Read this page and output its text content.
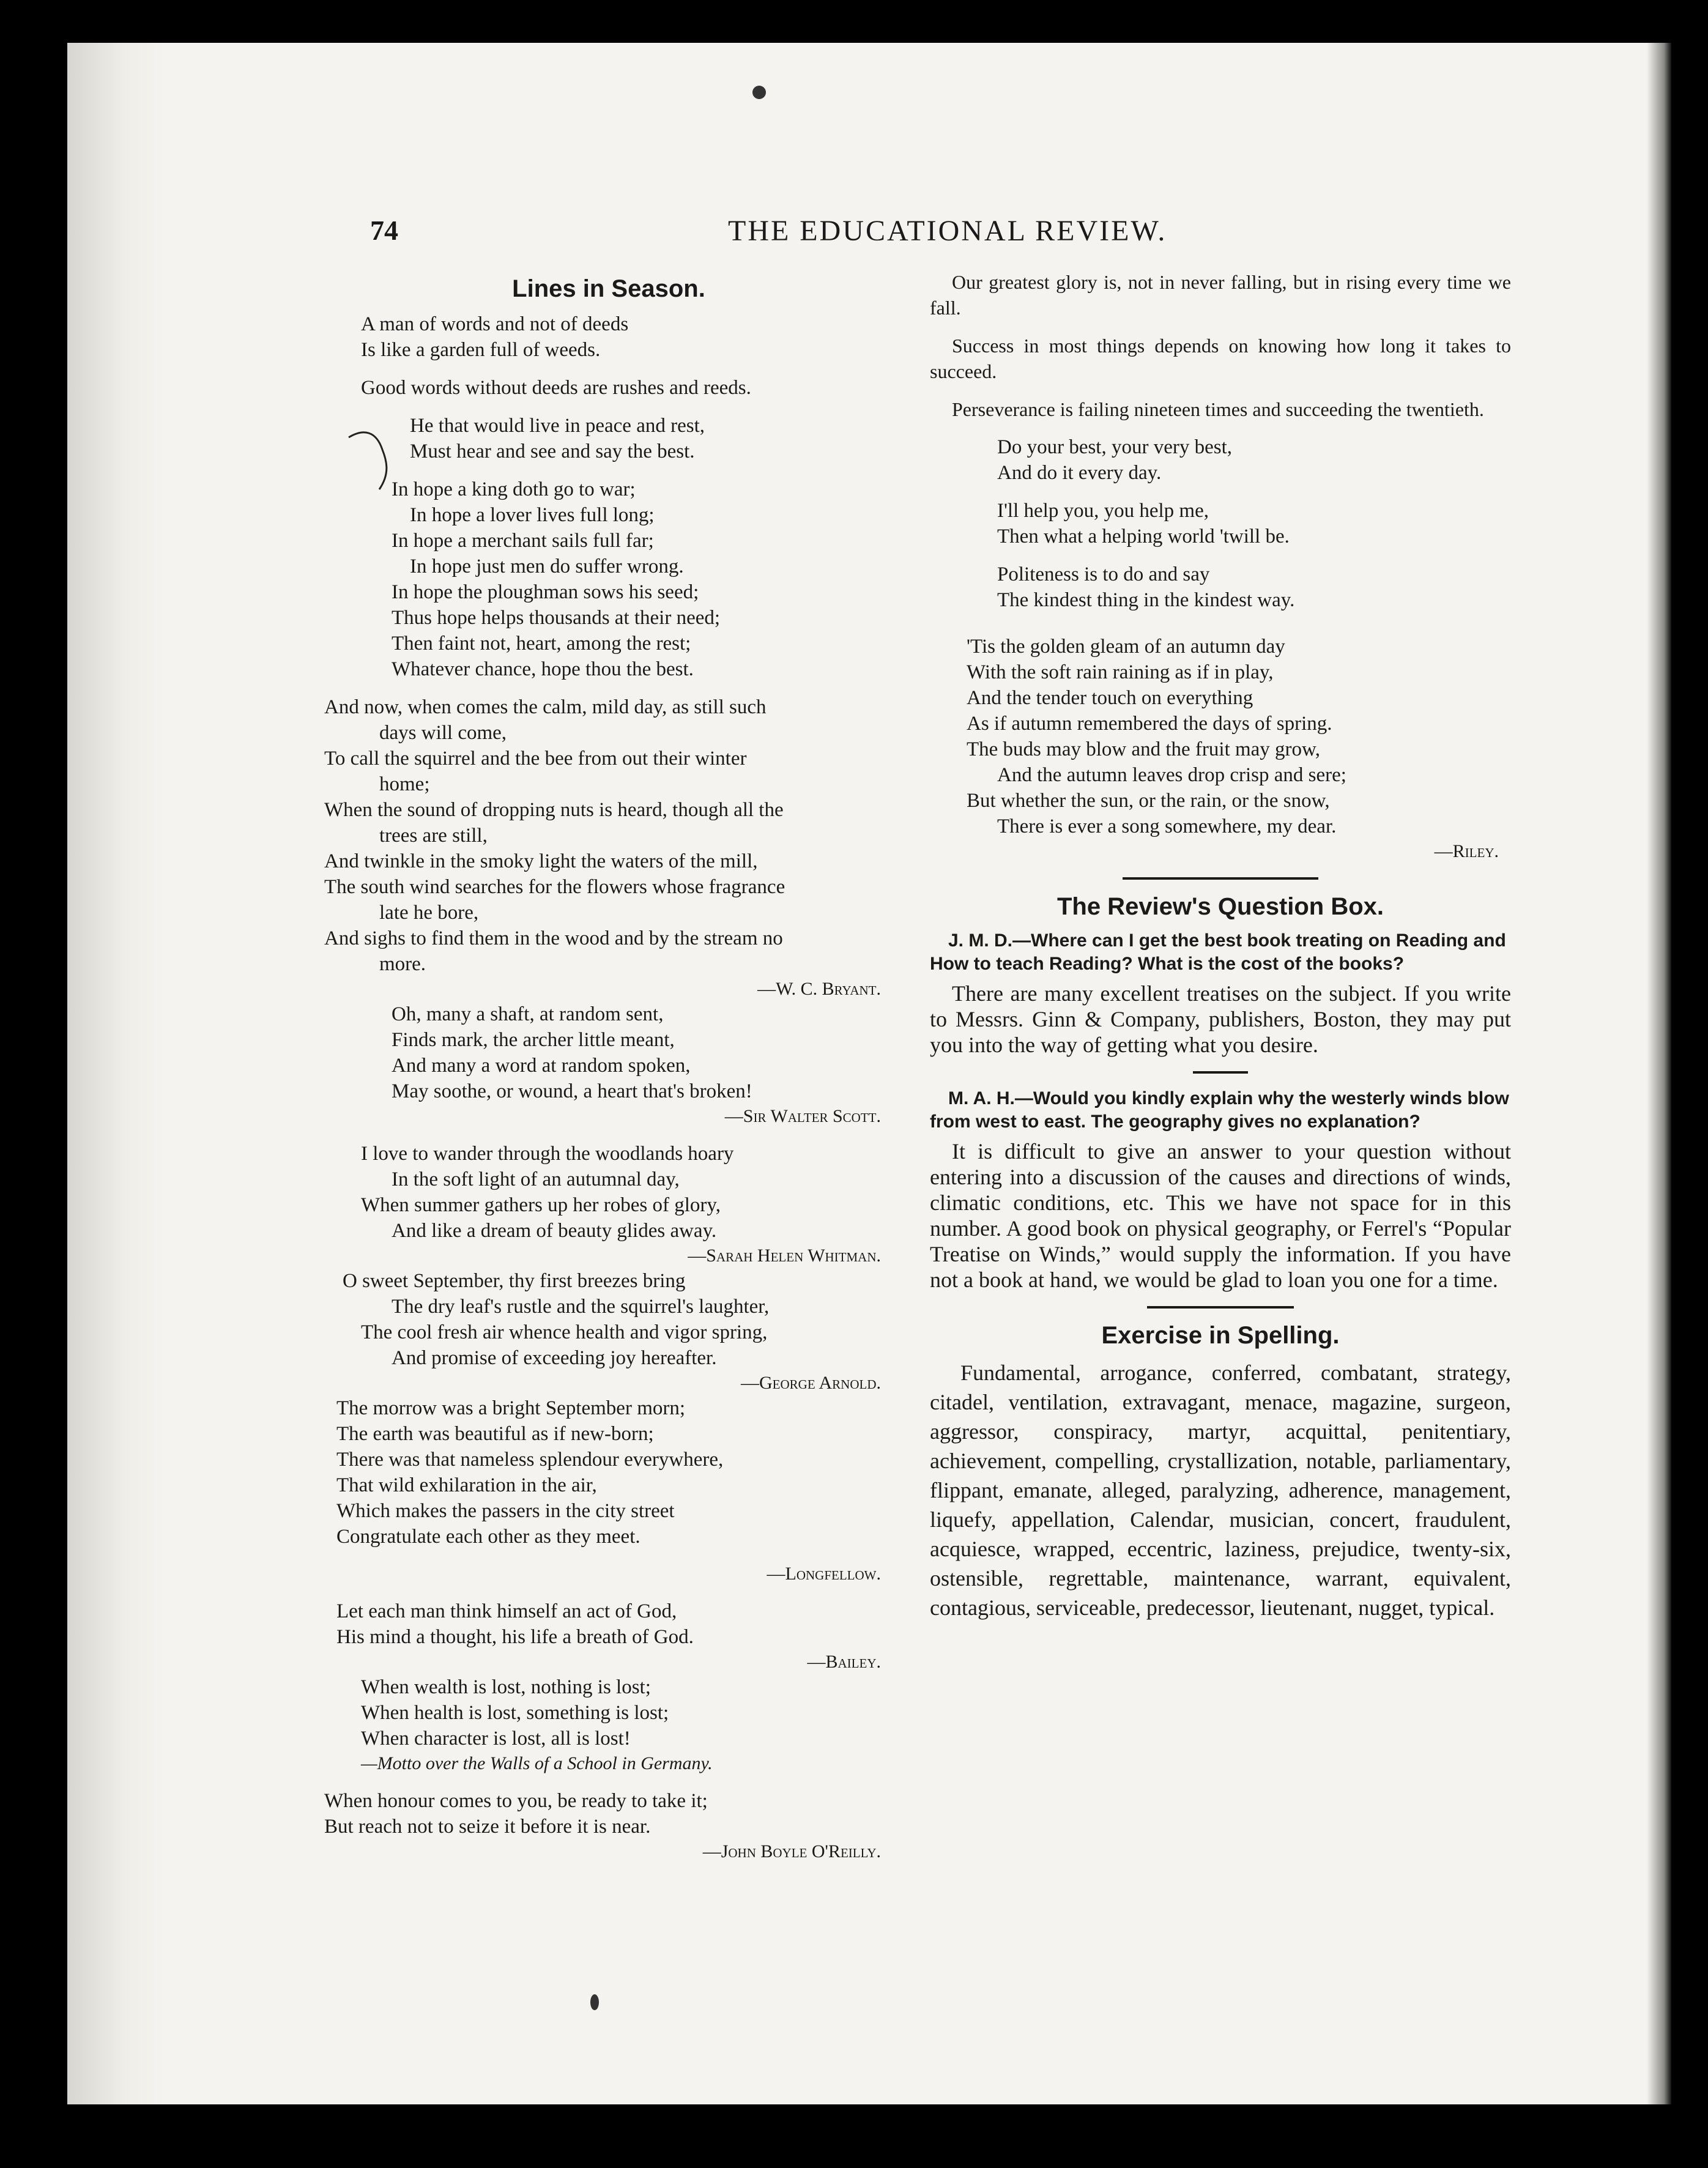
74	THE EDUCATIONAL REVIEW.
Lines in Season.

A man of words and not of deeds

Is like a garden full of weeds.

Good words without deeds are rushes and reeds.

He that would live in peace and rest,

Must hear and see and say the best.

In hope a king doth go to war;

In hope a lover lives full long;

In hope a merchant sails full far;

In hope just men do suffer wrong.

In hope the ploughman sows his seed;

Thus hope helps thousands at their need;

Then faint not, heart, among the rest;

Whatever chance, hope thou the best.

And now, when comes the calm, mild day, as still such

days will come,

To call the squirrel and the bee from out their winter

home;

When the sound of dropping nuts is heard, though all the

trees are still,

And twinkle in the smoky light the waters of the mill,

The south wind searches for the flowers whose fragrance

late he bore,

And sighs to find them in the wood and by the stream no

more.

—W. C. Bryant.

Oh, many a shaft, at random sent,

Finds mark, the archer little meant,

And many a word at random spoken,

May soothe, or wound, a heart that's broken!

—Sir Walter Scott.

I love to wander through the woodlands hoary

In the soft light of an autumnal day,

When summer gathers up her robes of glory,

And like a dream of beauty glides away.

—Sarah Helen Whitman.

O sweet September, thy first breezes bring

The dry leaf's rustle and the squirrel's laughter,

The cool fresh air whence health and vigor spring,

And promise of exceeding joy hereafter.

—George Arnold.

The morrow was a bright September morn;

The earth was beautiful as if new-born;

There was that nameless splendour everywhere,

That wild exhilaration in the air,

Which makes the passers in the city street

Congratulate each other as they meet.

—Longfellow.

Let each man think himself an act of God,

His mind a thought, his life a breath of God.

—Bailey.

When wealth is lost, nothing is lost;

When health is lost, something is lost;

When character is lost, all is lost!

—Motto over the Walls of a School in Germany.

When honour comes to you, be ready to take it;

But reach not to seize it before it is near.

—John Boyle O'Reilly.

Our greatest glory is, not in never falling, but in rising every time we fall.

Success in most things depends on knowing how long it takes to succeed.

Perseverance is failing nineteen times and succeeding the twentieth.

Do your best, your very best,

And do it every day.

I'll help you, you help me,

Then what a helping world 'twill be.

Politeness is to do and say

The kindest thing in the kindest way.

'Tis the golden gleam of an autumn day

With the soft rain raining as if in play,

And the tender touch on everything

As if autumn remembered the days of spring.

The buds may blow and the fruit may grow,

And the autumn leaves drop crisp and sere;

But whether the sun, or the rain, or the snow,

There is ever a song somewhere, my dear.

—Riley.

The Review's Question Box.

J. M. D.—Where can I get the best book treating on Reading and How to teach Reading? What is the cost of the books?

There are many excellent treatises on the subject. If you write to Messrs. Ginn & Company, publishers, Boston, they may put you into the way of getting what you desire.

M. A. H.—Would you kindly explain why the westerly winds blow from west to east. The geography gives no explanation?

It is difficult to give an answer to your question without entering into a discussion of the causes and directions of winds, climatic conditions, etc. This we have not space for in this number. A good book on physical geography, or Ferrel's “Popular Treatise on Winds,” would supply the information. If you have not a book at hand, we would be glad to loan you one for a time.

Exercise in Spelling.

Fundamental, arrogance, conferred, combatant, strategy, citadel, ventilation, extravagant, menace, magazine, surgeon, aggressor, conspiracy, martyr, acquittal, penitentiary, achievement, compelling, crystallization, notable, parliamentary, flippant, emanate, alleged, paralyzing, adherence, management, liquefy, appellation, Calendar, musician, concert, fraudulent, acquiesce, wrapped, eccentric, laziness, prejudice, twenty-six, ostensible, regrettable, maintenance, warrant, equivalent, contagious, serviceable, predecessor, lieutenant, nugget, typical.
